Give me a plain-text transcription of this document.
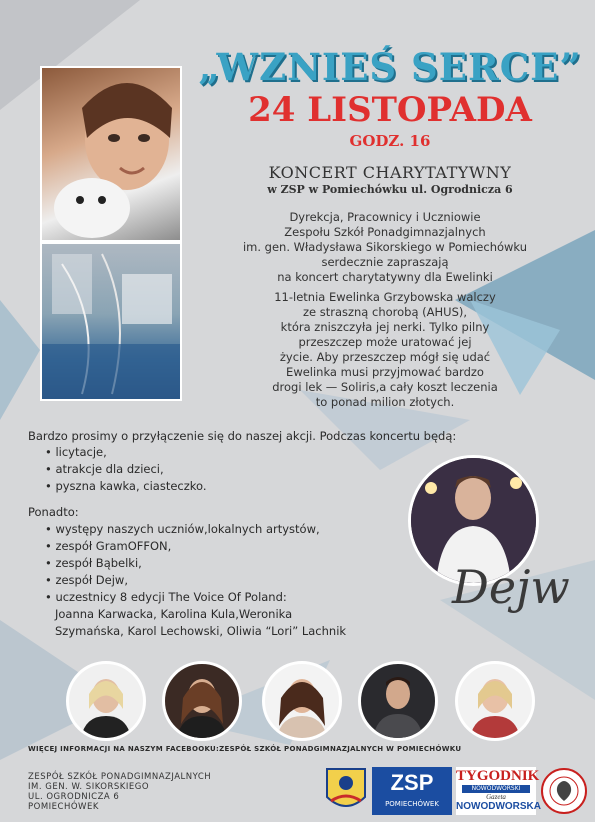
„WZNIEŚ SERCE”
24 LISTOPADA
GODZ. 16
KONCERT CHARYTATYWNY
w ZSP w Pomiechówku ul. Ogrodnicza 6
Dyrekcja, Pracownicy i Uczniowie
Zespołu Szkół Ponadgimnazjalnych
im. gen. Władysława Sikorskiego w Pomiechówku
serdecznie zapraszają
na koncert charytatywny dla Ewelinki
11-letnia Ewelinka Grzybowska walczy
ze straszną chorobą (AHUS),
która zniszczyła jej nerki. Tylko pilny
przeszczep może uratować jej
życie. Aby przeszczep mógł się udać
Ewelinka musi przyjmować bardzo
drogi lek — Soliris,a cały koszt leczenia
to ponad milion złotych.
Bardzo prosimy o przyłączenie się do naszej akcji. Podczas koncertu będą:
• licytacje,
• atrakcje dla dzieci,
• pyszna kawka, ciasteczko.
Ponadto:
• występy naszych uczniów,lokalnych artystów,
• zespół GramOFFON,
• zespół Bąbelki,
• zespół Dejw,
• uczestnicy 8 edycji The Voice Of Poland:
Joanna Karwacka, Karolina Kula,Weronika
Szymańska, Karol Lechowski, Oliwia “Lori” Lachnik
Dejw
WIĘCEJ INFORMACJI NA NASZYM FACEBOOKU:ZESPÓŁ SZKÓŁ PONADGIMNAZJALNYCH W POMIECHÓWKU
ZESPÓŁ SZKÓŁ PONADGIMNAZJALNYCH
IM. GEN. W. SIKORSKIEGO
UL. OGRODNICZA 6
POMIECHÓWEK
ZSP
POMIECHÓWEK
TYGODNIK
NOWODWORSKI
Gazeta
NOWODWORSKA
